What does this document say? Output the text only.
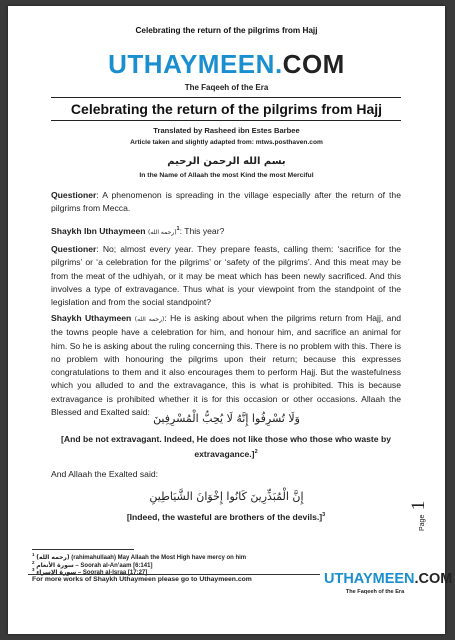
Celebrating the return of the pilgrims from Hajj
UTHAYMEEN.COM
The Faqeeh of the Era
Celebrating the return of the pilgrims from Hajj
Translated by Rasheed ibn Estes Barbee
Article taken and slightly adapted from: mtws.posthaven.com
بسم الله الرحمن الرحيم
In the Name of Allaah the most Kind the most Merciful
Questioner: A phenomenon is spreading in the village especially after the return of the pilgrims from Mecca.
Shaykh Ibn Uthaymeen (رحمه الله)$^1$: This year?
Questioner: No; almost every year. They prepare feasts, calling them: ‘sacrifice for the pilgrims’ or ‘a celebration for the pilgrims’ or ‘safety of the pilgrims’. And this meat may be from the meat of the udhiyah, or it may be meat which has been newly sacrificed. And this involves a type of extravagance. Thus what is your viewpoint from the standpoint of the legislation and from the social standpoint?
Shaykh Uthaymeen (رحمه الله): He is asking about when the pilgrims return from Hajj, and the towns people have a celebration for him, and honour him, and sacrifice an animal for him. So he is asking about the ruling concerning this. There is no problem with this. There is no problem with honouring the pilgrims upon their return; because this expresses congratulations to them and it also encourages them to perform Hajj. But the wastefulness which you alluded to and the extravagance, this is what is prohibited. This is because extravagance is prohibited whether it is for this occasion or other occasions. Allaah the Blessed and Exalted said: وَلَا تُسْرِفُوا إِنَّهُ لَا يُحِبُّ الْمُسْرِفِينَ
[And be not extravagant. Indeed, He does not like those who those who waste by extravagance.]$^2$
And Allaah the Exalted said:
إِنَّ الْمُبَذِّرِينَ كَانُوا إِخْوَانَ الشَّيَاطِينِ
[Indeed, the wasteful are brothers of the devils.]$^3$
$^1$ (رحمه الله) (rahimahullaah) May Allaah the Most High have mercy on him
$^2$ سورة الأنعام – Soorah al-An’aam [6:141]
$^3$ سورة الإسراء – Soorah al-Israa [17:27]
For more works of Shaykh Uthaymeen please go to Uthaymeen.com	UTHAYMEEN.COM
The Faqeeh of the Era
Page 1
